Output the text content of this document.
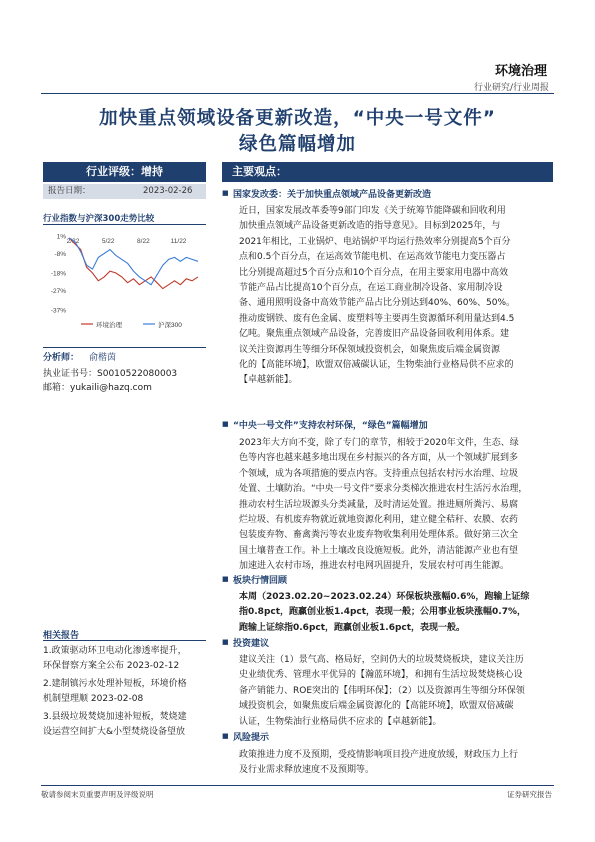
环境治理
行业研究/行业周报
加快重点领域设备更新改造，“中央一号文件”
绿色篇幅增加
行业评级：增持
报告日期：	2023-02-26
行业指数与沪深300走势比较
1%
-8%
-18%
-27%
-37%
2/22	5/22	8/22	11/22
环境治理	沪深300
分析师： 俞楷茵
执业证书号：S0010522080003
邮箱：yukaili@hazq.com
相关报告
1.政策驱动环卫电动化渗透率提升，
环保督察方案全公布 2023-02-12
2.建制镇污水处理补短板，环境价格
机制望理顺 2023-02-08
3.县级垃圾焚烧加速补短板，焚烧建
设运营空间扩大&小型焚烧设备望放
主要观点：
■ 国家发改委：关于加快重点领域产品设备更新改造
近日，国家发展改革委等9部门印发《关于统筹节能降碳和回收利用
加快重点领域产品设备更新改造的指导意见》。目标到2025年，与
2021年相比，工业锅炉、电站锅炉平均运行热效率分别提高5个百分
点和0.5个百分点，在运高效节能电机、在运高效节能电力变压器占
比分别提高超过5个百分点和10个百分点，在用主要家用电器中高效
节能产品占比提高10个百分点，在运工商业制冷设备、家用制冷设
备、通用照明设备中高效节能产品占比分别达到40%、60%、50%。
推动废钢铁、废有色金属、废塑料等主要再生资源循环利用量达到4.5
亿吨。聚焦重点领域产品设备，完善废旧产品设备回收利用体系。建
议关注资源再生等细分环保领域投资机会，如聚焦废后端金属资源
化的【高能环境】，欧盟双倍减碳认证，生物柴油行业格局供不应求的
【卓越新能】。
■ “中央一号文件”支持农村环保，“绿色”篇幅增加
2023年大方向不变，除了专门的章节，相较于2020年文件，生态、绿
色等内容也越来越多地出现在乡村振兴的各方面，从一个领域扩展到多
个领域，成为各项措施的要点内容。支持重点包括农村污水治理、垃圾
处置、土壤防治。“中央一号文件”要求分类梯次推进农村生活污水治理，
推动农村生活垃圾源头分类减量，及时清运处置。推进厕所粪污、易腐
烂垃圾、有机废弃物就近就地资源化利用，建立健全秸秆、农膜、农药
包装废弃物、畜禽粪污等农业废弃物收集利用处理体系。做好第三次全
国土壤普查工作。补上土壤改良设施短板。此外，清洁能源产业也有望
加速进入农村市场，推进农村电网巩固提升，发展农村可再生能源。
■ 板块行情回顾
本周（2023.02.20~2023.02.24）环保板块涨幅0.6%，跑输上证综
指0.8pct，跑赢创业板1.4pct，表现一般；公用事业板块涨幅0.7%，
跑输上证综指0.6pct，跑赢创业板1.6pct，表现一般。
■ 投资建议
建议关注（1）景气高、格局好，空间仍大的垃圾焚烧板块，建议关注历
史业绩优秀、管理水平优异的【瀚蓝环境】，和拥有生活垃圾焚烧核心设
备产销能力、ROE突出的【伟明环保】；（2）以及资源再生等细分环保领
域投资机会，如聚焦废后端金属资源化的【高能环境】，欧盟双倍减碳
认证，生物柴油行业格局供不应求的【卓越新能】。
■ 风险提示
政策推进力度不及预期，受疫情影响项目投产进度放缓，财政压力上行
及行业需求释放速度不及预期等。
敬请参阅末页重要声明及评级说明	证券研究报告
